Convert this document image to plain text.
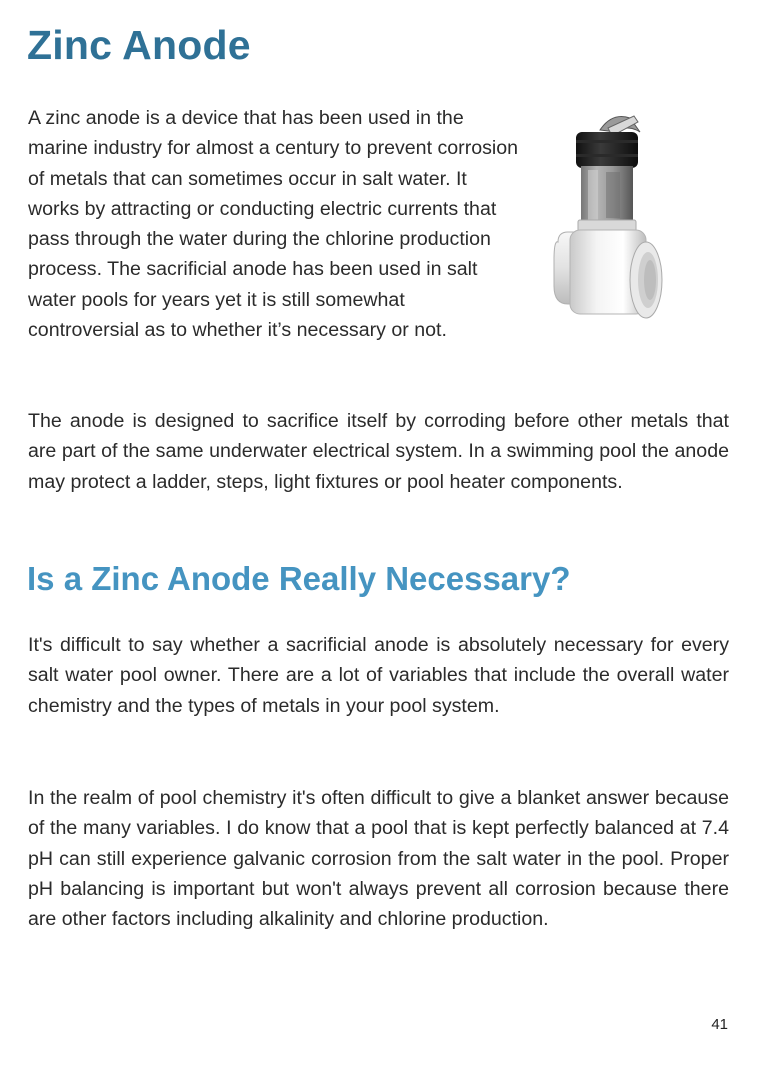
Zinc Anode

A zinc anode is a device that has been used in the marine industry for almost a century to prevent corrosion of metals that can sometimes occur in salt water. It works by attracting or conducting electric currents that pass through the water during the chlorine production process. The sacrificial anode has been used in salt water pools for years yet it is still somewhat controversial as to whether it’s necessary or not.

The anode is designed to sacrifice itself by corroding before other metals that are part of the same underwater electrical system. In a swimming pool the anode may protect a ladder, steps, light fixtures or pool heater components.

Is a Zinc Anode Really Necessary?

It's difficult to say whether a sacrificial anode is absolutely necessary for every salt water pool owner. There are a lot of variables that include the overall water chemistry and the types of metals in your pool system.

In the realm of pool chemistry it's often difficult to give a blanket answer because of the many variables. I do know that a pool that is kept perfectly balanced at 7.4 pH can still experience galvanic corrosion from the salt water in the pool. Proper pH balancing is important but won't always prevent all corrosion because there are other factors including alkalinity and chlorine production.

41
